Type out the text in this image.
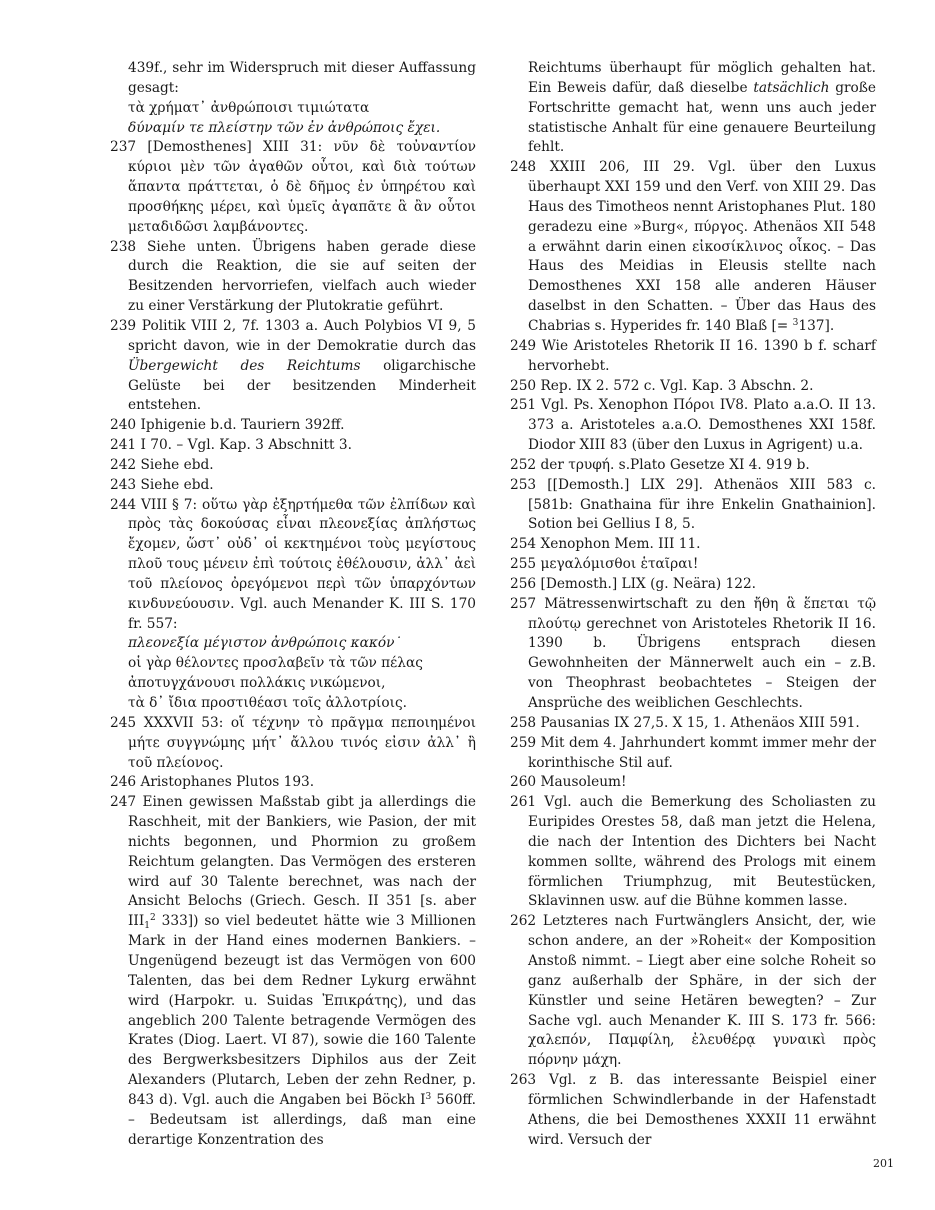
439f., sehr im Widerspruch mit dieser Auffassung gesagt:
τὰ χρήματ᾽ ἀνθρώποισι τιμιώτατα
δύναμίν τε πλείστην τῶν ἐν ἀνθρώποις ἔχει.

237 [Demosthenes] XIII 31: νῦν δὲ τοὐναντίον κύριοι μὲν τῶν ἀγαθῶν οὗτοι, καὶ διὰ τούτων ἅπαντα πράττεται, ὁ δὲ δῆμος ἐν ὑπηρέτου καὶ προσθήκης μέρει, καὶ ὑμεῖς ἀγαπᾶτε ἃ ἂν οὗτοι μεταδιδῶσι λαμβάνοντες.

238 Siehe unten. Übrigens haben gerade diese durch die Reaktion, die sie auf seiten der Besitzenden hervorriefen, vielfach auch wieder zu einer Verstärkung der Plutokratie geführt.

239 Politik VIII 2, 7f. 1303 a. Auch Polybios VI 9, 5 spricht davon, wie in der Demokratie durch das Übergewicht des Reichtums oligarchische Gelüste bei der besitzenden Minderheit entstehen.

240 Iphigenie b.d. Tauriern 392ff.

241 I 70. – Vgl. Kap. 3 Abschnitt 3.

242 Siehe ebd.

243 Siehe ebd.

244 VIII § 7: οὕτω γὰρ ἐξηρτήμεθα τῶν ἐλπίδων καὶ πρὸς τὰς δοκούσας εἶναι πλεονεξίας ἀπλήστως ἔχομεν, ὥστ᾽ οὐδ᾽ οἱ κεκτημένοι τοὺς μεγίστους πλοῦ τους μένειν ἐπὶ τούτοις ἐθέλουσιν, ἀλλ᾽ ἀεὶ τοῦ πλείονος ὀρεγόμενοι περὶ τῶν ὑπαρχόντων κινδυνεύουσιν. Vgl. auch Menander K. III S. 170 fr. 557:
πλεονεξία μέγιστον ἀνθρώποις κακόν˙
οἱ γὰρ θέλοντες προσλαβεῖν τὰ τῶν πέλας
ἀποτυγχάνουσι πολλάκις νικώμενοι,
τὰ δ᾽ ἴδια προστιθέασι τοῖς ἀλλοτρίοις.

245 XXXVII 53: οἵ τέχνην τὸ πρᾶγμα πεποιημένοι μήτε συγγνώμης μήτ᾽ ἄλλου τινός εἰσιν ἀλλ᾽ ἢ τοῦ πλείονος.

246 Aristophanes Plutos 193.

247 Einen gewissen Maßstab gibt ja allerdings die Raschheit, mit der Bankiers, wie Pasion, der mit nichts begonnen, und Phormion zu großem Reichtum gelangten. Das Vermögen des ersteren wird auf 30 Talente berechnet, was nach der Ansicht Belochs (Griech. Gesch. II 351 [s. aber $III_1^2$ 333]) so viel bedeutet hätte wie 3 Millionen Mark in der Hand eines modernen Bankiers. – Ungenügend bezeugt ist das Vermögen von 600 Talenten, das bei dem Redner Lykurg erwähnt wird (Harpokr. u. Suidas Ἐπικράτης), und das angeblich 200 Talente betragende Vermögen des Krates (Diog. Laert. VI 87), sowie die 160 Talente des Bergwerksbesitzers Diphilos aus der Zeit Alexanders (Plutarch, Leben der zehn Redner, p. 843 d). Vgl. auch die Angaben bei Böckh $I^3$ 560ff. – Bedeutsam ist allerdings, daß man eine derartige Konzentration des

Reichtums überhaupt für möglich gehalten hat. Ein Beweis dafür, daß dieselbe tatsächlich große Fortschritte gemacht hat, wenn uns auch jeder statistische Anhalt für eine genauere Beurteilung fehlt.

248 XXIII 206, III 29. Vgl. über den Luxus überhaupt XXI 159 und den Verf. von XIII 29. Das Haus des Timotheos nennt Aristophanes Plut. 180 geradezu eine »Burg«, πύργος. Athenäos XII 548 a erwähnt darin einen εἰκοσίκλινος οἶκος. – Das Haus des Meidias in Eleusis stellte nach Demosthenes XXI 158 alle anderen Häuser daselbst in den Schatten. – Über das Haus des Chabrias s. Hyperides fr. 140 Blaß [= $^3$137].

249 Wie Aristoteles Rhetorik II 16. 1390 b f. scharf hervorhebt.

250 Rep. IX 2. 572 c. Vgl. Kap. 3 Abschn. 2.

251 Vgl. Ps. Xenophon Πόροι IV8. Plato a.a.O. II 13. 373 a. Aristoteles a.a.O. Demosthenes XXI 158f. Diodor XIII 83 (über den Luxus in Agrigent) u.a.

252 der τρυφή. s.Plato Gesetze XI 4. 919 b.

253 [[Demosth.] LIX 29]. Athenäos XIII 583 c. [581b: Gnathaina für ihre Enkelin Gnathainion]. Sotion bei Gellius I 8, 5.

254 Xenophon Mem. III 11.

255 μεγαλόμισθοι ἑταῖραι!

256 [Demosth.] LIX (g. Neära) 122.

257 Mätressenwirtschaft zu den ἤθη ἃ ἕπεται τῷ πλούτῳ gerechnet von Aristoteles Rhetorik II 16. 1390 b. Übrigens entsprach diesen Gewohnheiten der Männerwelt auch ein – z.B. von Theophrast beobachtetes – Steigen der Ansprüche des weiblichen Geschlechts.

258 Pausanias IX 27,5. X 15, 1. Athenäos XIII 591.

259 Mit dem 4. Jahrhundert kommt immer mehr der korinthische Stil auf.

260 Mausoleum!

261 Vgl. auch die Bemerkung des Scholiasten zu Euripides Orestes 58, daß man jetzt die Helena, die nach der Intention des Dichters bei Nacht kommen sollte, während des Prologs mit einem förmlichen Triumphzug, mit Beutestücken, Sklavinnen usw. auf die Bühne kommen lasse.

262 Letzteres nach Furtwänglers Ansicht, der, wie schon andere, an der »Roheit« der Komposition Anstoß nimmt. – Liegt aber eine solche Roheit so ganz außerhalb der Sphäre, in der sich der Künstler und seine Hetären bewegten? – Zur Sache vgl. auch Menander K. III S. 173 fr. 566: χαλεπόν, Παμφίλη, ἐλευθέρᾳ γυναικὶ πρὸς πόρνην μάχη.

263 Vgl. z B. das interessante Beispiel einer förmlichen Schwindlerbande in der Hafenstadt Athens, die bei Demosthenes XXXII 11 erwähnt wird. Versuch der

201
